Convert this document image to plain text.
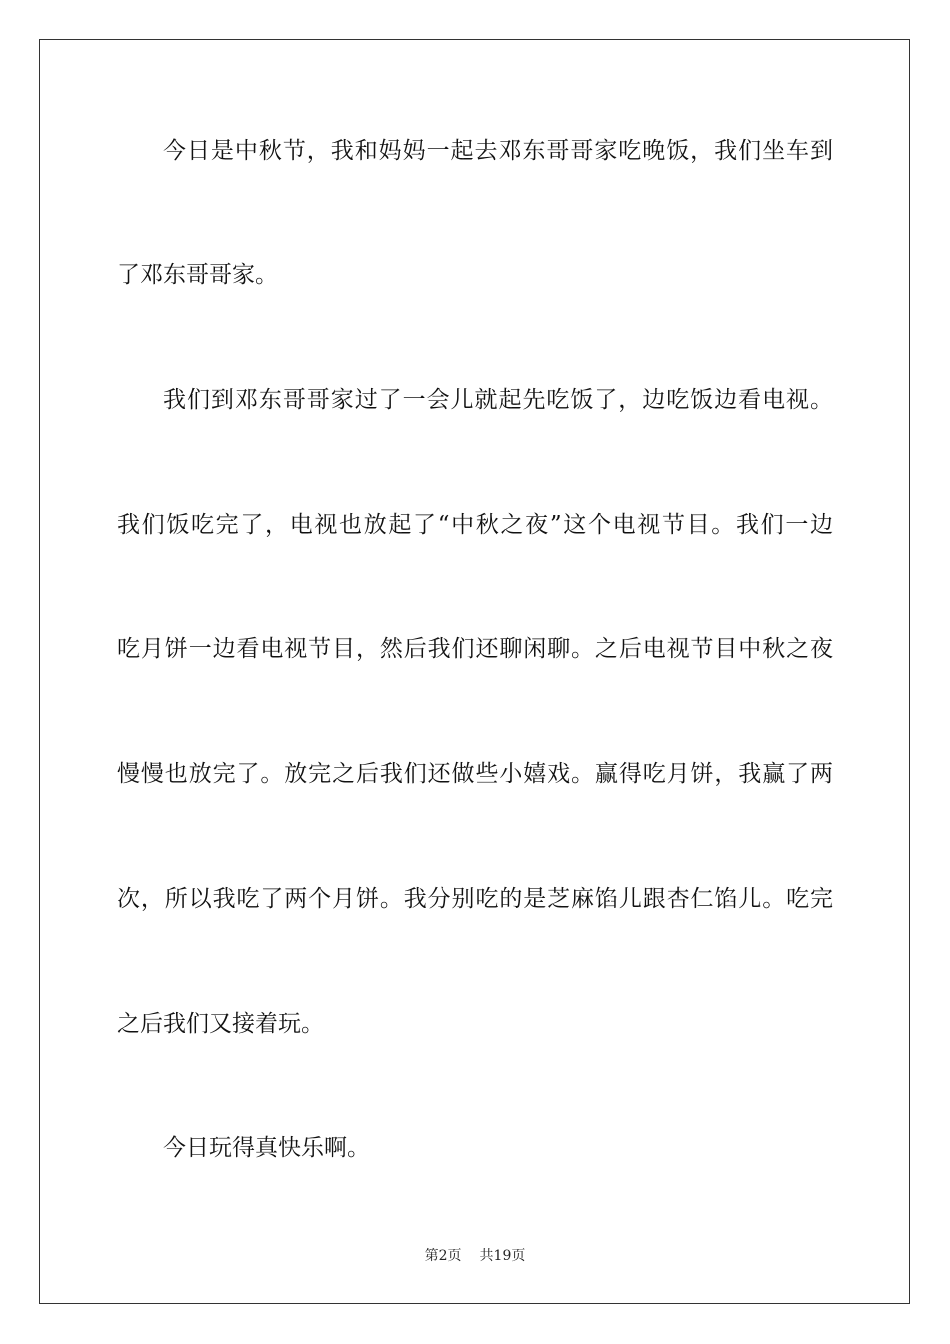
今日是中秋节，我和妈妈一起去邓东哥哥家吃晚饭，我们坐车到
了邓东哥哥家。
我们到邓东哥哥家过了一会儿就起先吃饭了，边吃饭边看电视。
我们饭吃完了，电视也放起了“中秋之夜”这个电视节目。我们一边
吃月饼一边看电视节目，然后我们还聊闲聊。之后电视节目中秋之夜
慢慢也放完了。放完之后我们还做些小嬉戏。赢得吃月饼，我赢了两
次，所以我吃了两个月饼。我分别吃的是芝麻馅儿跟杏仁馅儿。吃完
之后我们又接着玩。
今日玩得真快乐啊。
第2页 共19页
